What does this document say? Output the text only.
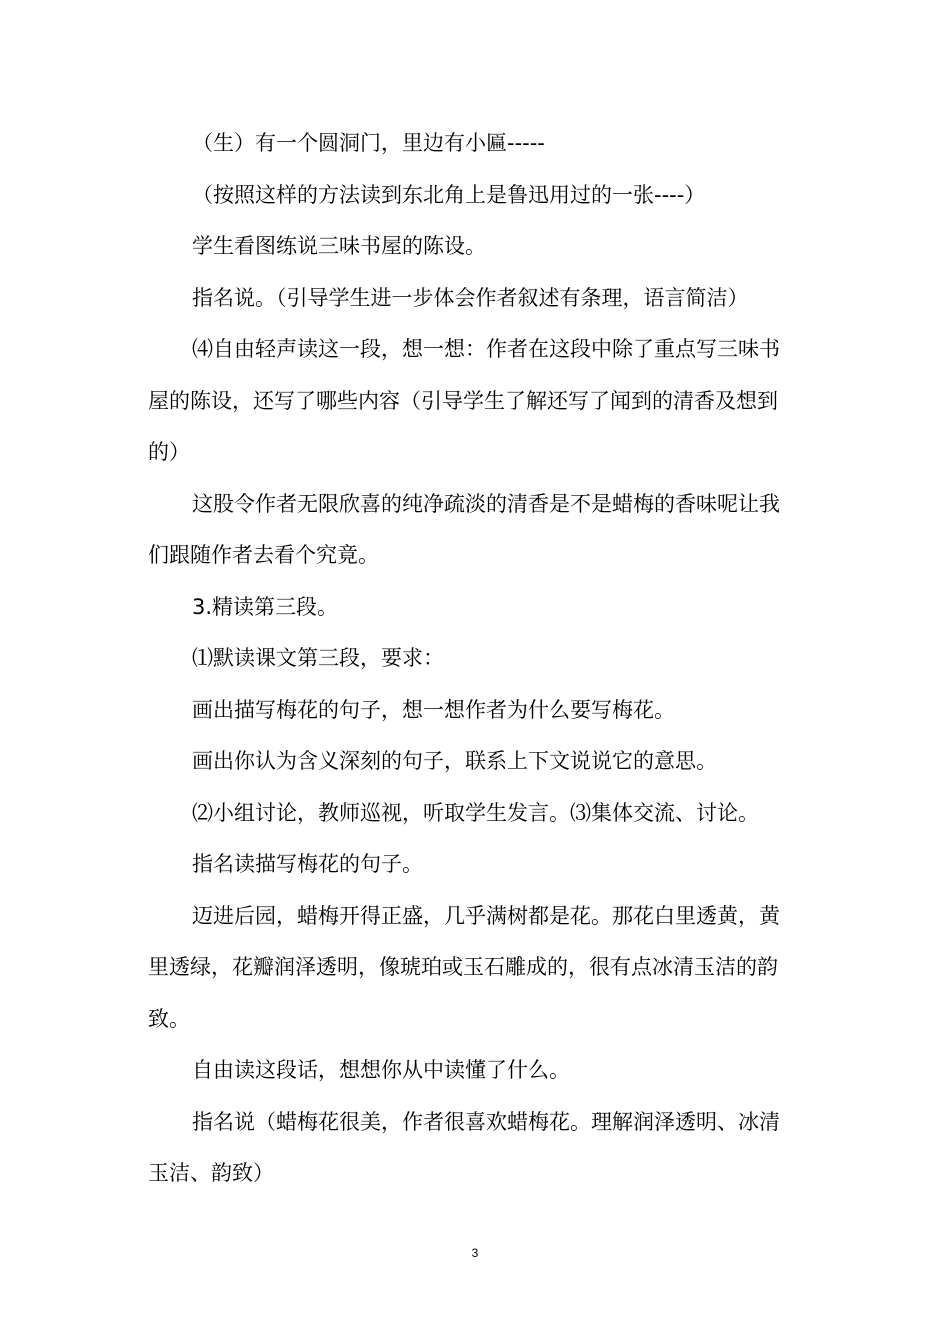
（生）有一个圆洞门，里边有小匾-----

（按照这样的方法读到东北角上是鲁迅用过的一张----）

学生看图练说三味书屋的陈设。

指名说。（引导学生进一步体会作者叙述有条理，语言简洁）

⑷自由轻声读这一段，想一想：作者在这段中除了重点写三味书屋的陈设，还写了哪些内容（引导学生了解还写了闻到的清香及想到的）

这股令作者无限欣喜的纯净疏淡的清香是不是蜡梅的香味呢让我们跟随作者去看个究竟。

3.精读第三段。

⑴默读课文第三段，要求：

画出描写梅花的句子，想一想作者为什么要写梅花。

画出你认为含义深刻的句子，联系上下文说说它的意思。

⑵小组讨论，教师巡视，听取学生发言。⑶集体交流、讨论。

指名读描写梅花的句子。

迈进后园，蜡梅开得正盛，几乎满树都是花。那花白里透黄，黄里透绿，花瓣润泽透明，像琥珀或玉石雕成的，很有点冰清玉洁的韵致。

自由读这段话，想想你从中读懂了什么。

指名说（蜡梅花很美，作者很喜欢蜡梅花。理解润泽透明、冰清玉洁、韵致）

3
